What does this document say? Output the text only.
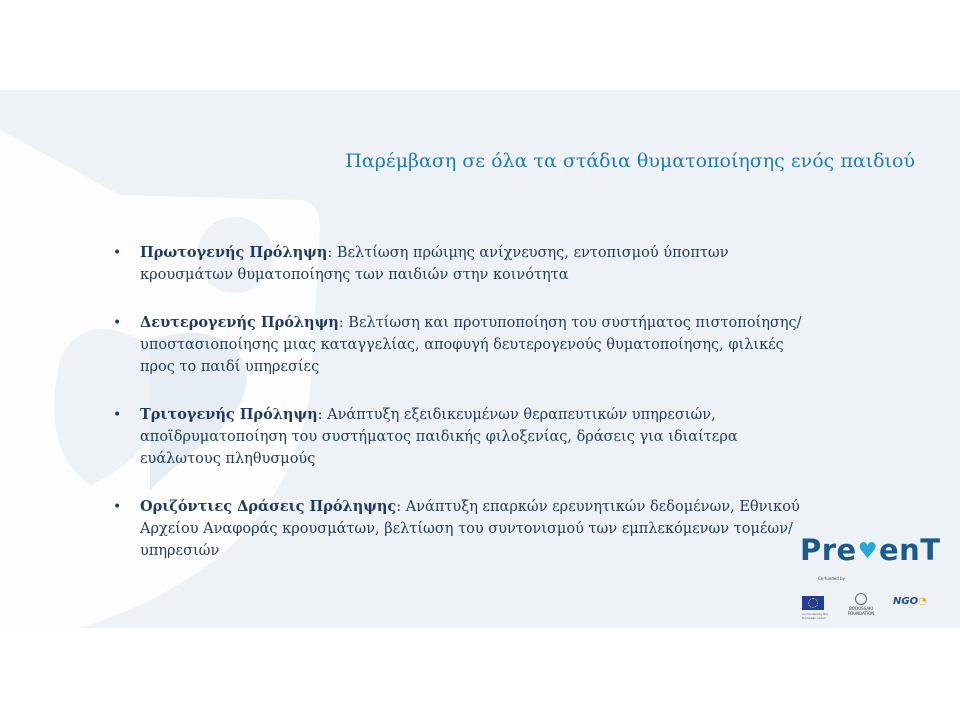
Παρέμβαση σε όλα τα στάδια θυματοποίησης ενός παιδιού
• Πρωτογενής Πρόληψη: Βελτίωση πρώιμης ανίχνευσης, εντοπισμού ύποπτων κρουσμάτων θυματοποίησης των παιδιών στην κοινότητα
• Δευτερογενής Πρόληψη: Βελτίωση και προτυποποίηση του συστήματος πιστοποίησης/υποστασιοποίησης μιας καταγγελίας, αποφυγή δευτερογενούς θυματοποίησης, φιλικές προς το παιδί υπηρεσίες
• Τριτογενής Πρόληψη: Ανάπτυξη εξειδικευμένων θεραπευτικών υπηρεσιών, αποϊδρυματοποίηση του συστήματος παιδικής φιλοξενίας, δράσεις για ιδιαίτερα ευάλωτους πληθυσμούς
• Οριζόντιες Δράσεις Πρόληψης: Ανάπτυξη επαρκών ερευνητικών δεδομένων, Εθνικού Αρχείου Αναφοράς κρουσμάτων, βελτίωση του συντονισμού των εμπλεκόμενων τομέων/υπηρεσιών	Pre♥enT
Co-funded by
Co-funded by the European Union
BODOSSAKI
FOUNDATION
NGO◔
